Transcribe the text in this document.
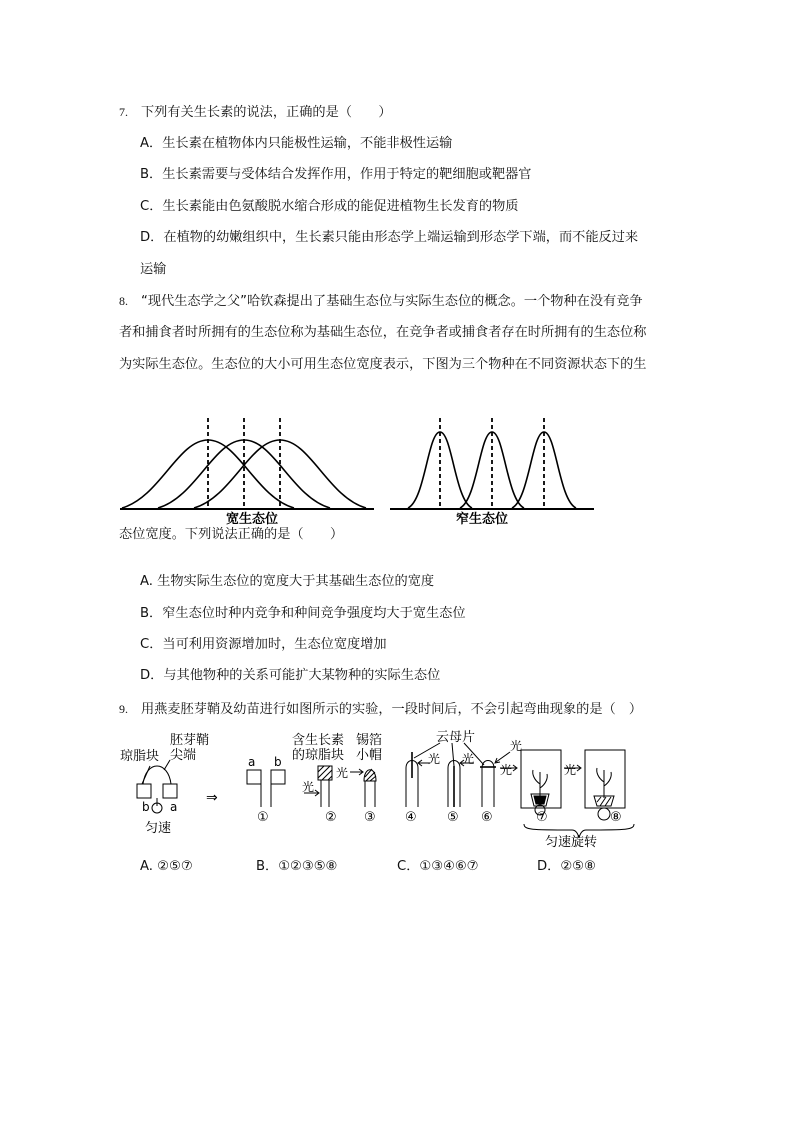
7. 下列有关生长素的说法，正确的是（　　）
A．生长素在植物体内只能极性运输，不能非极性运输
B．生长素需要与受体结合发挥作用，作用于特定的靶细胞或靶器官
C．生长素能由色氨酸脱水缩合形成的能促进植物生长发育的物质
D．在植物的幼嫩组织中，生长素只能由形态学上端运输到形态学下端，而不能反过来
运输
8. “现代生态学之父”哈钦森提出了基础生态位与实际生态位的概念。一个物种在没有竞争
者和捕食者时所拥有的生态位称为基础生态位，在竞争者或捕食者存在时所拥有的生态位称
为实际生态位。生态位的大小可用生态位宽度表示，下图为三个物种在不同资源状态下的生
宽生态位	窄生态位
态位宽度。下列说法正确的是（　　）
A. 生物实际生态位的宽度大于其基础生态位的宽度
B．窄生态位时种内竞争和种间竞争强度均大于宽生态位
C．当可利用资源增加时，生态位宽度增加
D．与其他物种的关系可能扩大某物种的实际生态位
9. 用燕麦胚芽鞘及幼苗进行如图所示的实验，一段时间后，不会引起弯曲现象的是（　）
琼脂块
胚芽鞘
尖端
b a
匀速
⇒
a b
①
含生长素
的琼脂块
光
②
锡箔
小帽
光
③
云母片
光 光
光
④ ⑤ ⑥
光	光
⑦	⑧
匀速旋转
A. ②⑤⑦	B．①②③⑤⑧	C．①③④⑥⑦	D．②⑤⑧
